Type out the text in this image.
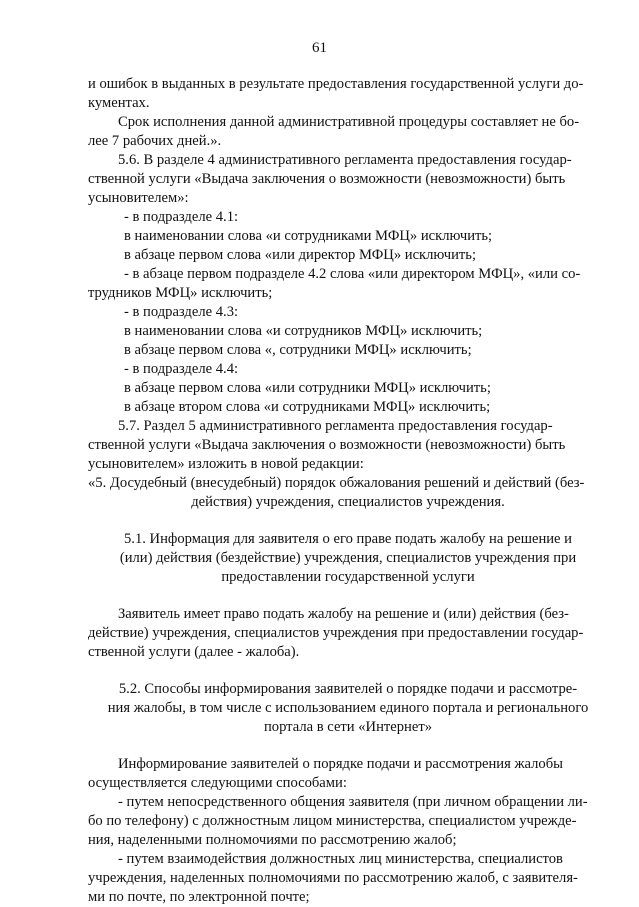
61

и ошибок в выданных в результате предоставления государственной услуги до-

кументах.

Срок исполнения данной административной процедуры составляет не бо-

лее 7 рабочих дней.».

5.6. В разделе 4 административного регламента предоставления государ-

ственной услуги «Выдача заключения о возможности (невозможности) быть

усыновителем»:

- в подразделе 4.1:

в наименовании слова «и сотрудниками МФЦ» исключить;

в абзаце первом слова «или директор МФЦ» исключить;

- в абзаце первом подразделе 4.2 слова «или директором МФЦ», «или со-

трудников МФЦ» исключить;

- в подразделе 4.3:

в наименовании слова «и сотрудников МФЦ» исключить;

в абзаце первом слова «, сотрудники МФЦ» исключить;

- в подразделе 4.4:

в абзаце первом слова «или сотрудники МФЦ» исключить;

в абзаце втором слова «и сотрудниками МФЦ» исключить;

5.7. Раздел 5 административного регламента предоставления государ-

ственной услуги «Выдача заключения о возможности (невозможности) быть

усыновителем» изложить в новой редакции:

«5. Досудебный (внесудебный) порядок обжалования решений и действий (без-

действия) учреждения, специалистов учреждения.

5.1. Информация для заявителя о его праве подать жалобу на решение и

(или) действия (бездействие) учреждения, специалистов учреждения при

предоставлении государственной услуги

Заявитель имеет право подать жалобу на решение и (или) действия (без-

действие) учреждения, специалистов учреждения при предоставлении государ-

ственной услуги (далее - жалоба).

5.2. Способы информирования заявителей о порядке подачи и рассмотре-

ния жалобы, в том числе с использованием единого портала и регионального

портала в сети «Интернет»

Информирование заявителей о порядке подачи и рассмотрения жалобы

осуществляется следующими способами:

- путем непосредственного общения заявителя (при личном обращении ли-

бо по телефону) с должностным лицом министерства, специалистом учрежде-

ния, наделенными полномочиями по рассмотрению жалоб;

- путем взаимодействия должностных лиц министерства, специалистов

учреждения, наделенных полномочиями по рассмотрению жалоб, с заявителя-

ми по почте, по электронной почте;
